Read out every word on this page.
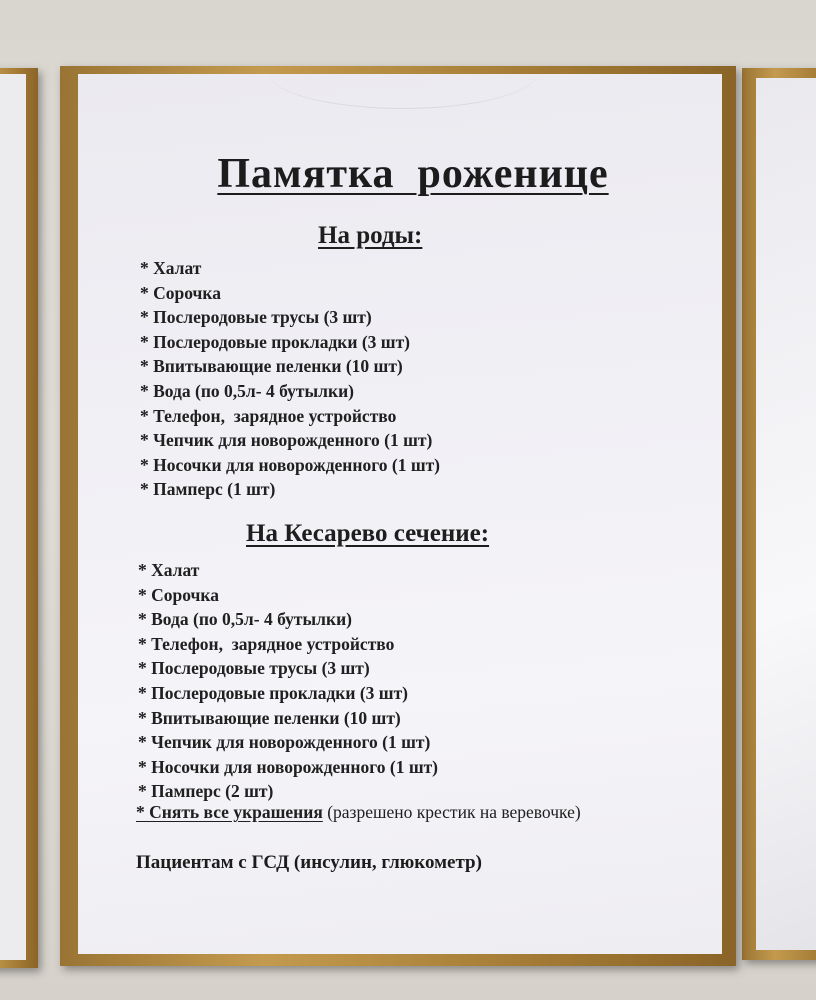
Памятка  роженице
На роды:
* Халат
* Сорочка
* Послеродовые трусы (3 шт)
* Послеродовые прокладки (3 шт)
* Впитывающие пеленки (10 шт)
* Вода (по 0,5л- 4 бутылки)
* Телефон,  зарядное устройство
* Чепчик для новорожденного (1 шт)
* Носочки для новорожденного (1 шт)
* Памперс (1 шт)
На Кесарево сечение:
* Халат
* Сорочка
* Вода (по 0,5л- 4 бутылки)
* Телефон,  зарядное устройство
* Послеродовые трусы (3 шт)
* Послеродовые прокладки (3 шт)
* Впитывающие пеленки (10 шт)
* Чепчик для новорожденного (1 шт)
* Носочки для новорожденного (1 шт)
* Памперс (2 шт)
* Снять все украшения (разрешено крестик на веревочке)
Пациентам с ГСД (инсулин, глюкометр)
